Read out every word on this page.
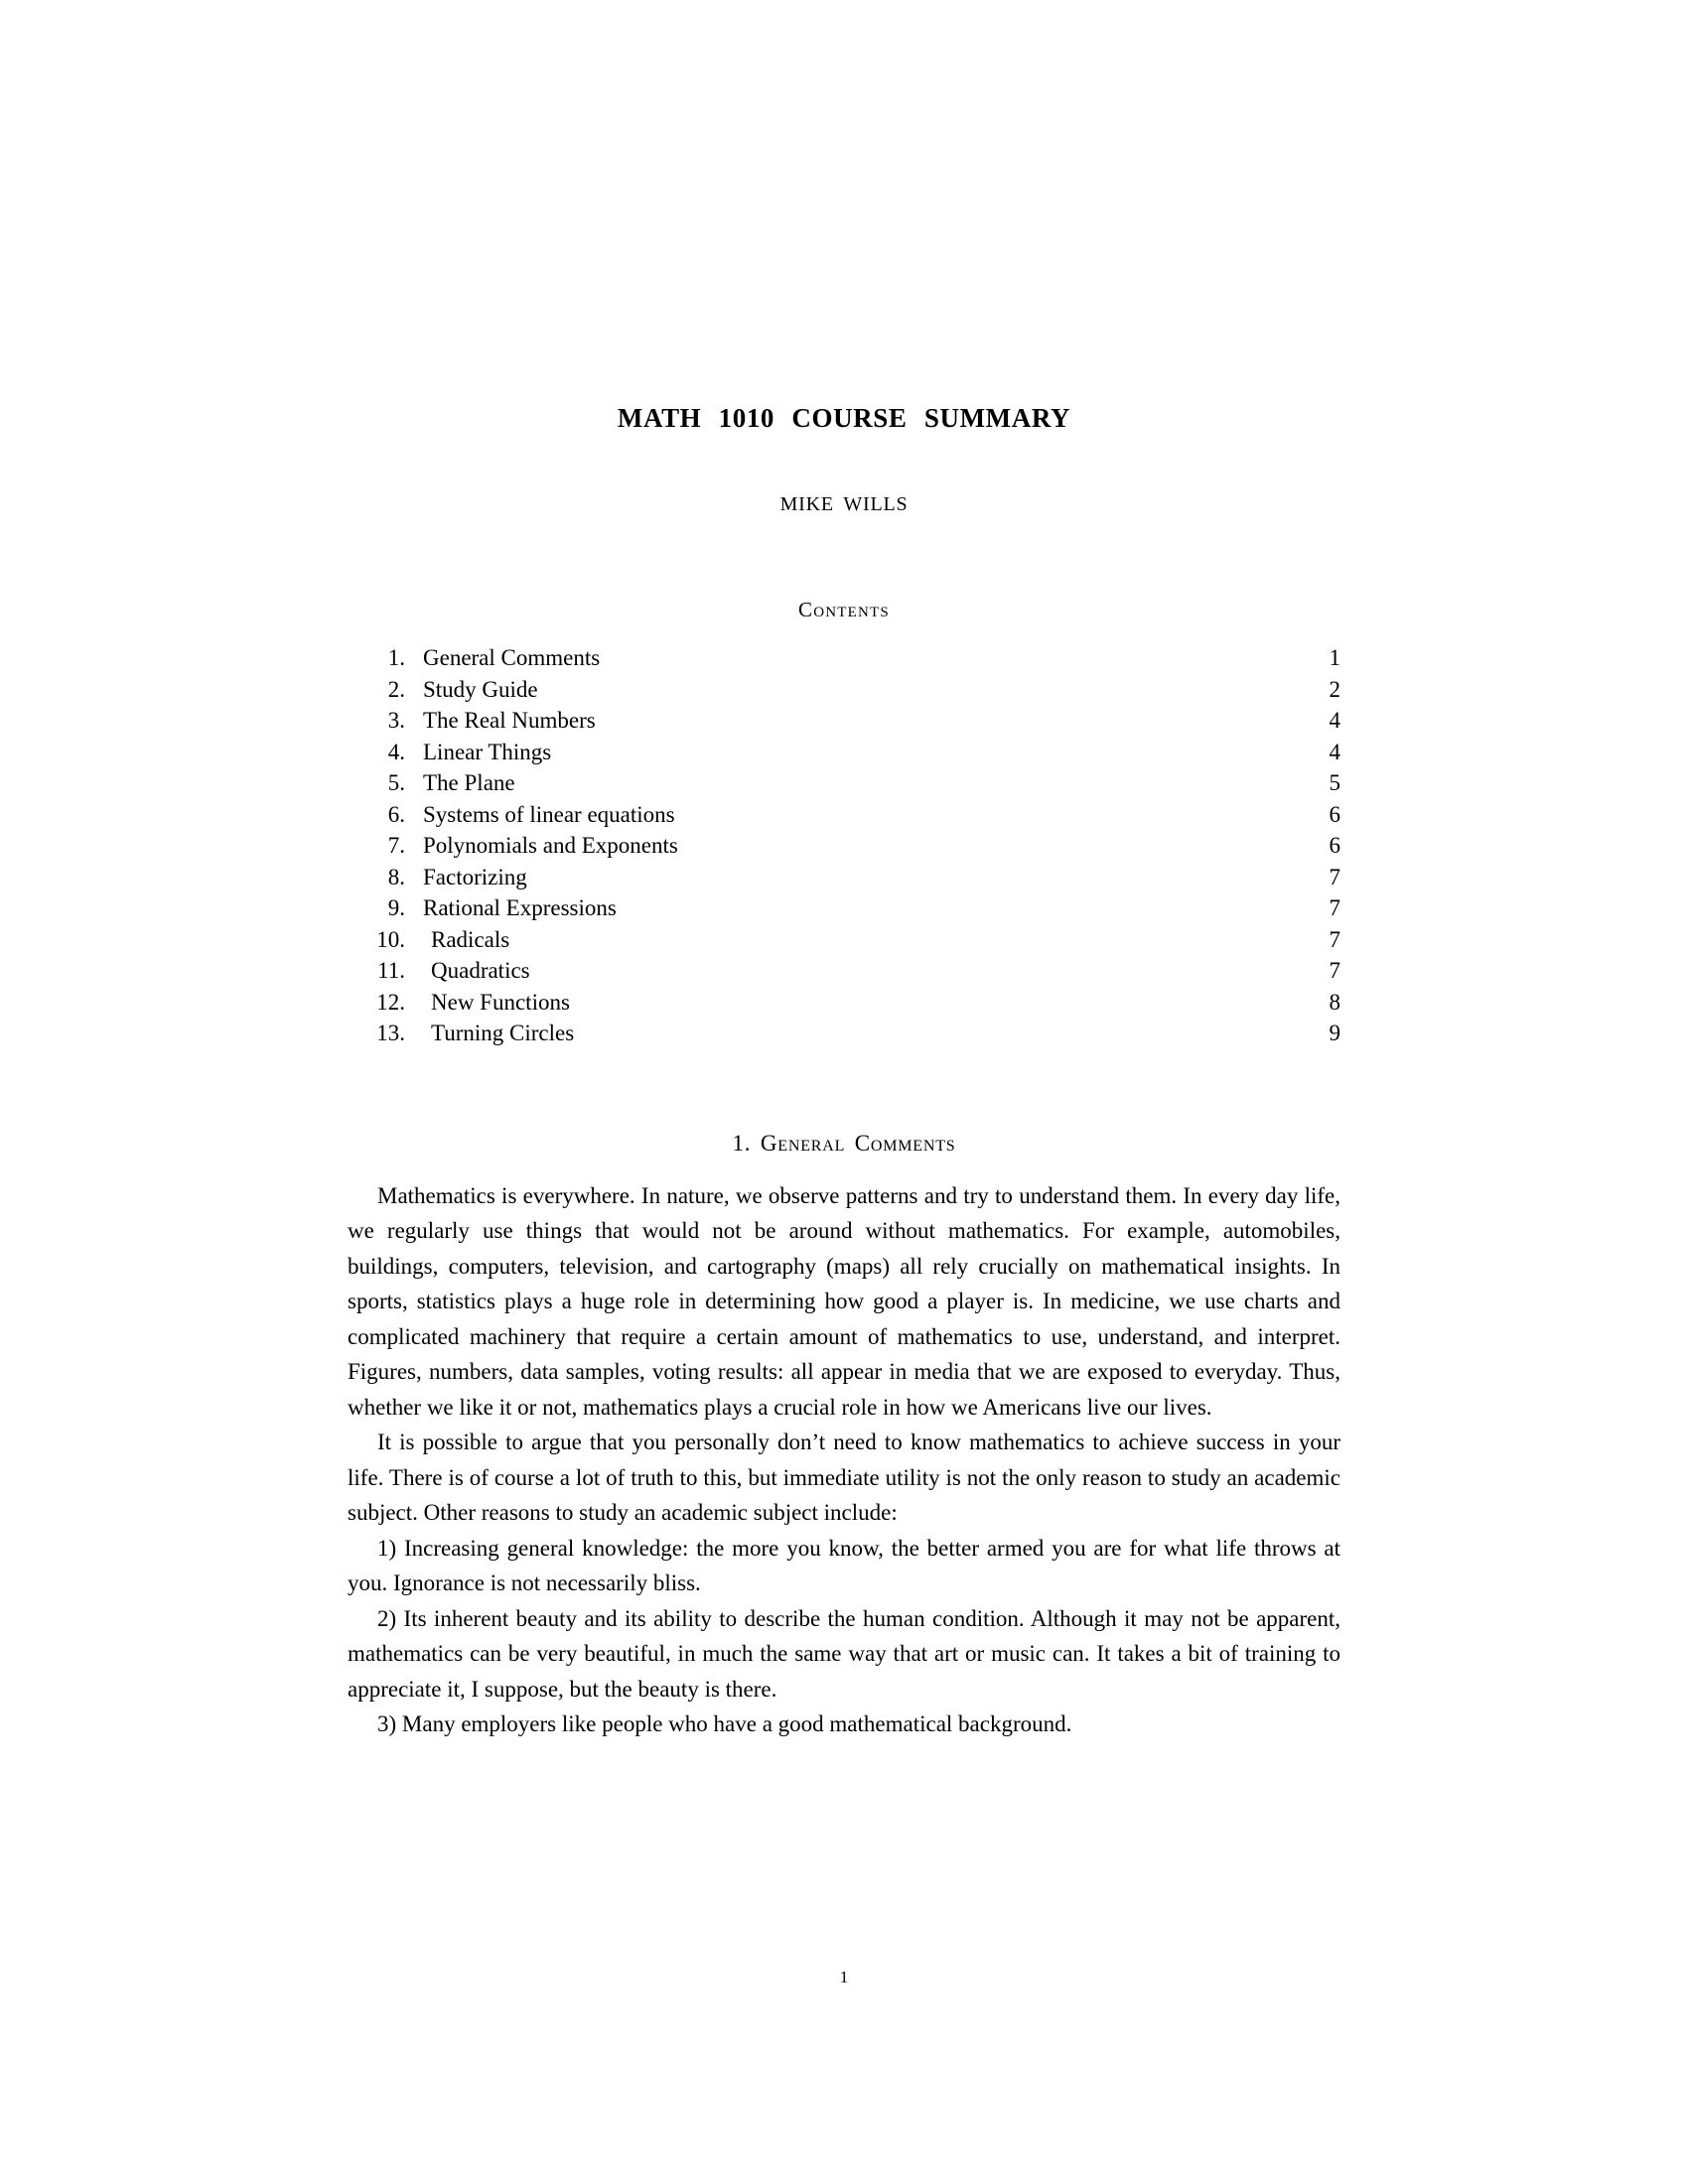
MATH 1010 COURSE SUMMARY
MIKE WILLS
Contents
1. General Comments	1
2. Study Guide	2
3. The Real Numbers	4
4. Linear Things	4
5. The Plane	5
6. Systems of linear equations	6
7. Polynomials and Exponents	6
8. Factorizing	7
9. Rational Expressions	7
10.	Radicals	7
11.	Quadratics	7
12.	New Functions	8
13.	Turning Circles	9
1. General Comments

Mathematics is everywhere. In nature, we observe patterns and try to understand them. In every day life, we regularly use things that would not be around without mathematics. For example, automobiles, buildings, computers, television, and cartography (maps) all rely crucially on mathematical insights. In sports, statistics plays a huge role in determining how good a player is. In medicine, we use charts and complicated machinery that require a certain amount of mathematics to use, understand, and interpret. Figures, numbers, data samples, voting results: all appear in media that we are exposed to everyday. Thus, whether we like it or not, mathematics plays a crucial role in how we Americans live our lives.

It is possible to argue that you personally don’t need to know mathematics to achieve success in your life. There is of course a lot of truth to this, but immediate utility is not the only reason to study an academic subject. Other reasons to study an academic subject include:

1) Increasing general knowledge: the more you know, the better armed you are for what life throws at you. Ignorance is not necessarily bliss.

2) Its inherent beauty and its ability to describe the human condition. Although it may not be apparent, mathematics can be very beautiful, in much the same way that art or music can. It takes a bit of training to appreciate it, I suppose, but the beauty is there.

3) Many employers like people who have a good mathematical background.

1
